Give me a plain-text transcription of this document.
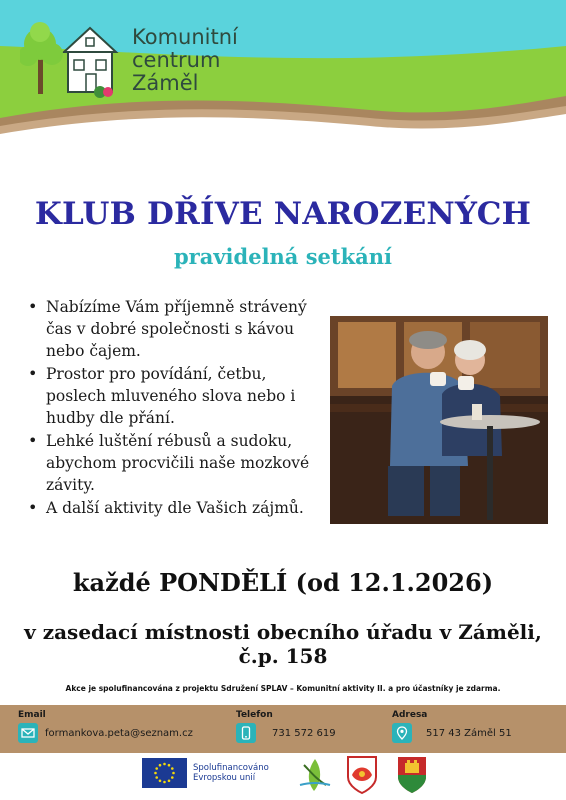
Komunitní
centrum
Záměl
KLUB DŘÍVE NAROZENÝCH
pravidelná setkání
• Nabízíme Vám příjemně strávený čas v dobré společnosti s kávou nebo čajem.
• Prostor pro povídání, četbu, poslech mluveného slova nebo i hudby dle přání.
• Lehké luštění rébusů a sudoku, abychom procvičili naše mozkové závity.
• A další aktivity dle Vašich zájmů.
každé PONDĚLÍ (od 12.1.2026)
v zasedací místnosti obecního úřadu v Záměli,
č.p. 158
Akce je spolufinancována z projektu Sdružení SPLAV – Komunitní aktivity II. a pro účastníky je zdarma.
Email
formankova.peta@seznam.cz
Telefon
731 572 619
Adresa
517 43 Záměl 51
Spolufinancováno
Evropskou unií
